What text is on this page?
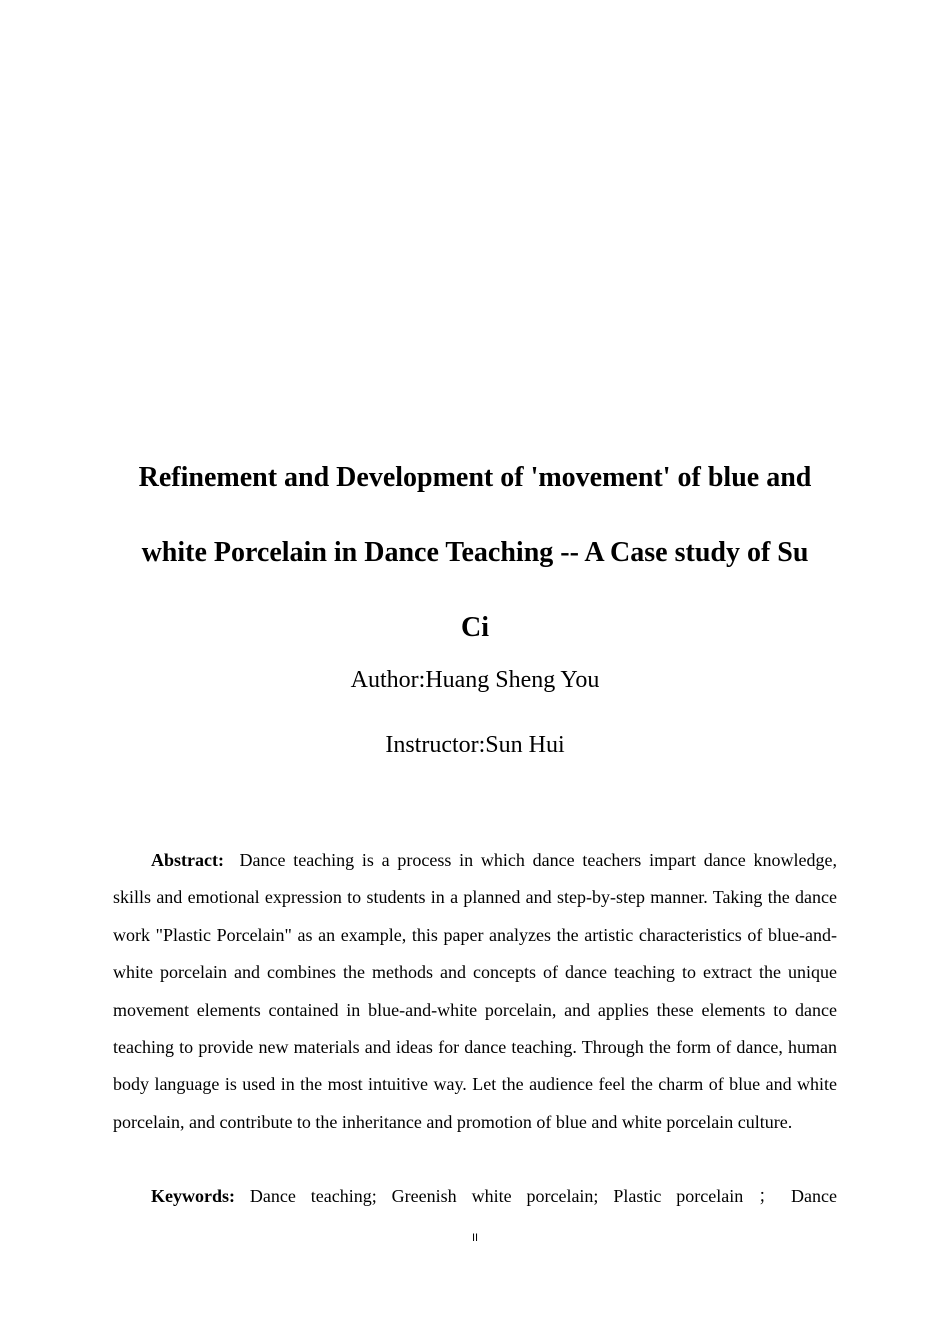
Refinement and Development of 'movement' of blue and
white Porcelain in Dance Teaching -- A Case study of Su
Ci

Author:Huang Sheng You

Instructor:Sun Hui

Abstract: Dance teaching is a process in which dance teachers impart dance knowledge, skills and emotional expression to students in a planned and step-by-step manner. Taking the dance work "Plastic Porcelain" as an example, this paper analyzes the artistic characteristics of blue-and-white porcelain and combines the methods and concepts of dance teaching to extract the unique movement elements contained in blue-and-white porcelain, and applies these elements to dance teaching to provide new materials and ideas for dance teaching. Through the form of dance, human body language is used in the most intuitive way. Let the audience feel the charm of blue and white porcelain, and contribute to the inheritance and promotion of blue and white porcelain culture.

Keywords: Dance teaching; Greenish white porcelain; Plastic porcelain ； Dance

II
